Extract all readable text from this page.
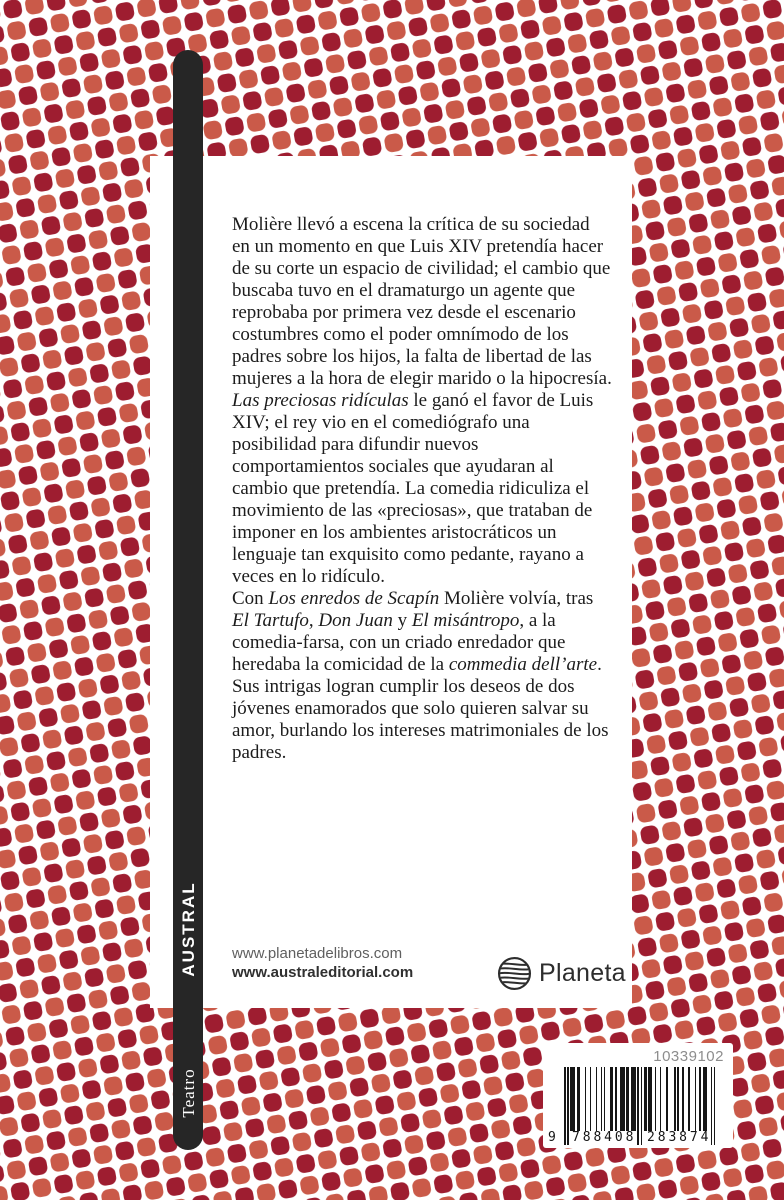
AUSTRAL
Teatro

Molière llevó a escena la crítica de su sociedad en un momento en que Luis XIV pretendía hacer de su corte un espacio de civilidad; el cambio que buscaba tuvo en el dramaturgo un agente que reprobaba por primera vez desde el escenario costumbres como el poder omnímodo de los padres sobre los hijos, la falta de libertad de las mujeres a la hora de elegir marido o la hipocresía.

Las preciosas ridículas le ganó el favor de Luis XIV; el rey vio en el comediógrafo una posibilidad para difundir nuevos comportamientos sociales que ayudaran al cambio que pretendía. La comedia ridiculiza el movimiento de las «preciosas», que trataban de imponer en los ambientes aristocráticos un lenguaje tan exquisito como pedante, rayano a veces en lo ridículo.

Con Los enredos de Scapín Molière volvía, tras El Tartufo, Don Juan y El misántropo, a la comedia-farsa, con un criado enredador que heredaba la comicidad de la commedia dell’arte. Sus intrigas logran cumplir los deseos de dos jóvenes enamorados que solo quieren salvar su amor, burlando los intereses matrimoniales de los padres.

www.planetadelibros.com
www.australeditorial.com	Planeta
10339102
9 788408 283874
